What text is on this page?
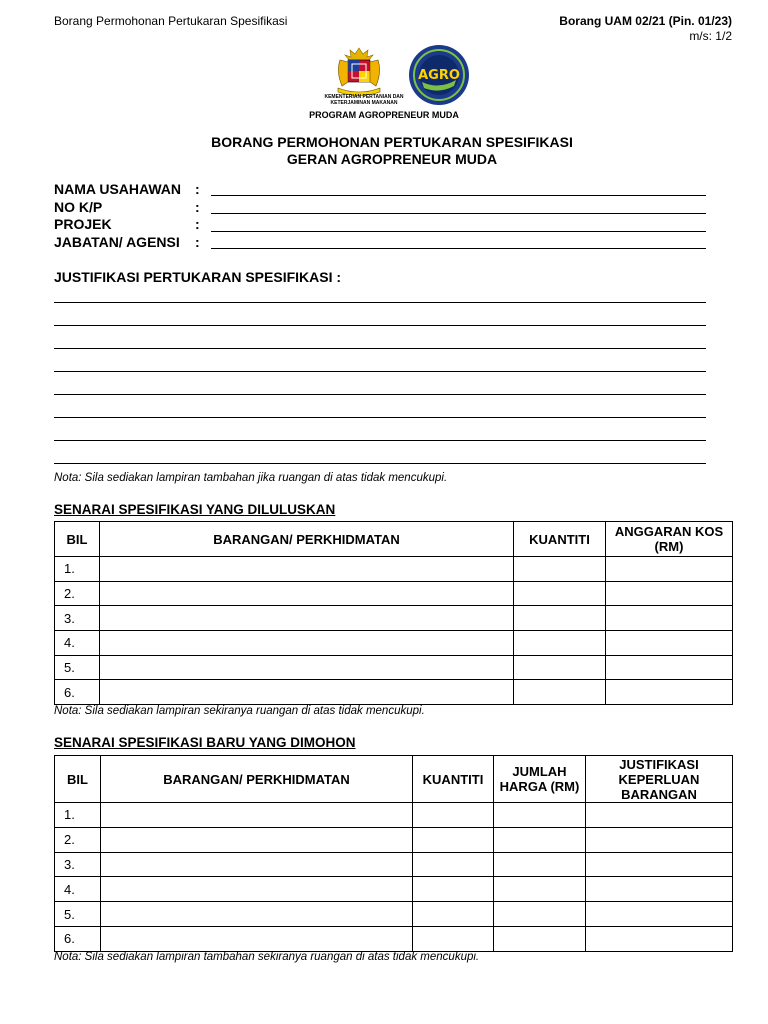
Borang Permohonan Pertukaran Spesifikasi	Borang UAM 02/21 (Pin. 01/23)
m/s: 1/2
KEMENTERIAN PERTANIAN DAN KETERJAMINAN MAKANAN
AGRO
PROGRAM AGROPRENEUR MUDA
BORANG PERMOHONAN PERTUKARAN SPESIFIKASI
GERAN AGROPRENEUR MUDA
NAMA USAHAWAN :
NO K/P	:
PROJEK	:
JABATAN/ AGENSI :
JUSTIFIKASI PERTUKARAN SPESIFIKASI :
Nota: Sila sediakan lampiran tambahan jika ruangan di atas tidak mencukupi.
SENARAI SPESIFIKASI YANG DILULUSKAN
BIL	BARANGAN/ PERKHIDMATAN	KUANTITI	ANGGARAN KOS (RM)
1.			
2.			
3.			
4.			
5.			
6.			
Nota: Sila sediakan lampiran sekiranya ruangan di atas tidak mencukupi.
SENARAI SPESIFIKASI BARU YANG DIMOHON
BIL	BARANGAN/ PERKHIDMATAN	KUANTITI	JUMLAH HARGA (RM)	JUSTIFIKASI KEPERLUAN BARANGAN
1.				
2.				
3.				
4.				
5.				
6.				
Nota: Sila sediakan lampiran tambahan sekiranya ruangan di atas tidak mencukupi.
